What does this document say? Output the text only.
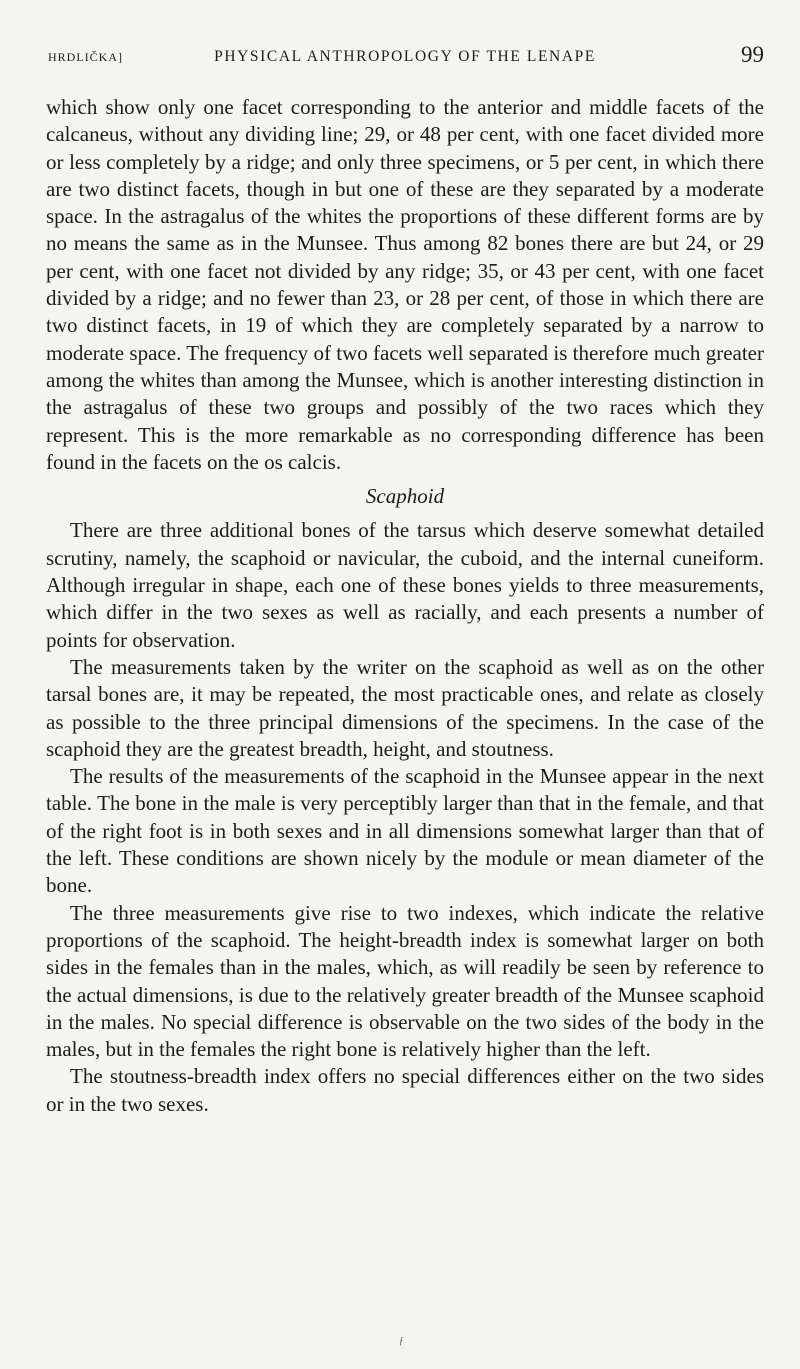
HRDLIČKA]	PHYSICAL ANTHROPOLOGY OF THE LENAPE	99

which show only one facet corresponding to the anterior and middle facets of the calcaneus, without any dividing line; 29, or 48 per cent, with one facet divided more or less completely by a ridge; and only three specimens, or 5 per cent, in which there are two distinct facets, though in but one of these are they separated by a moderate space. In the astragalus of the whites the proportions of these different forms are by no means the same as in the Munsee. Thus among 82 bones there are but 24, or 29 per cent, with one facet not divided by any ridge; 35, or 43 per cent, with one facet divided by a ridge; and no fewer than 23, or 28 per cent, of those in which there are two distinct facets, in 19 of which they are completely separated by a narrow to moderate space. The frequency of two facets well separated is therefore much greater among the whites than among the Munsee, which is another interesting distinction in the astragalus of these two groups and possibly of the two races which they represent. This is the more remarkable as no corresponding difference has been found in the facets on the os calcis.

Scaphoid

There are three additional bones of the tarsus which deserve somewhat detailed scrutiny, namely, the scaphoid or navicular, the cuboid, and the internal cuneiform. Although irregular in shape, each one of these bones yields to three measurements, which differ in the two sexes as well as racially, and each presents a number of points for observation.

The measurements taken by the writer on the scaphoid as well as on the other tarsal bones are, it may be repeated, the most practicable ones, and relate as closely as possible to the three principal dimensions of the specimens. In the case of the scaphoid they are the greatest breadth, height, and stoutness.

The results of the measurements of the scaphoid in the Munsee appear in the next table. The bone in the male is very perceptibly larger than that in the female, and that of the right foot is in both sexes and in all dimensions somewhat larger than that of the left. These conditions are shown nicely by the module or mean diameter of the bone.

The three measurements give rise to two indexes, which indicate the relative proportions of the scaphoid. The height-breadth index is somewhat larger on both sides in the females than in the males, which, as will readily be seen by reference to the actual dimensions, is due to the relatively greater breadth of the Munsee scaphoid in the males. No special difference is observable on the two sides of the body in the males, but in the females the right bone is relatively higher than the left.

The stoutness-breadth index offers no special differences either on the two sides or in the two sexes.

ƒ
